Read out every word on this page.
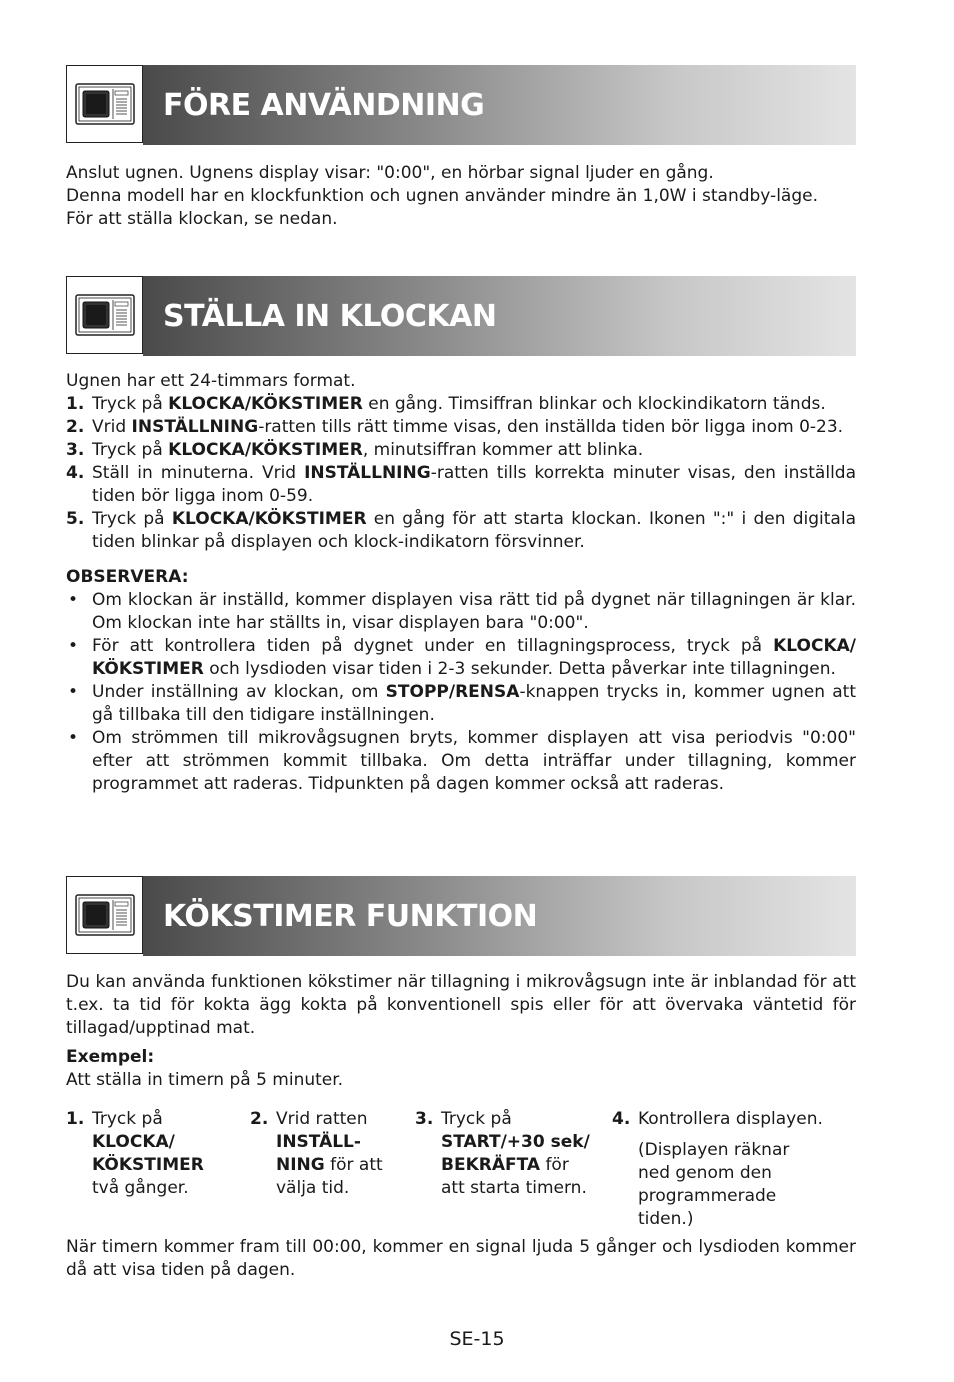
FÖRE ANVÄNDNING

Anslut ugnen. Ugnens display visar: "0:00", en hörbar signal ljuder en gång.

Denna modell har en klockfunktion och ugnen använder mindre än 1,0W i standby-läge.

För att ställa klockan, se nedan.

STÄLLA IN KLOCKAN

Ugnen har ett 24-timmars format.

1. Tryck på KLOCKA/KÖKSTIMER en gång. Timsiffran blinkar och klockindikatorn tänds.
2. Vrid INSTÄLLNING-ratten tills rätt timme visas, den inställda tiden bör ligga inom 0-23.
3. Tryck på KLOCKA/KÖKSTIMER, minutsiffran kommer att blinka.
4. Ställ in minuterna. Vrid INSTÄLLNING-ratten tills korrekta minuter visas, den inställda tiden bör ligga inom 0-59.
5. Tryck på KLOCKA/KÖKSTIMER en gång för att starta klockan. Ikonen ":" i den digitala tiden blinkar på displayen och klock-indikatorn försvinner.

OBSERVERA:

• Om klockan är inställd, kommer displayen visa rätt tid på dygnet när tillagningen är klar. Om klockan inte har ställts in, visar displayen bara "0:00".
• För att kontrollera tiden på dygnet under en tillagningsprocess, tryck på KLOCKA/ KÖKSTIMER och lysdioden visar tiden i 2-3 sekunder. Detta påverkar inte tillagningen.
• Under inställning av klockan, om STOPP/RENSA-knappen trycks in, kommer ugnen att gå tillbaka till den tidigare inställningen.
• Om strömmen till mikrovågsugnen bryts, kommer displayen att visa periodvis "0:00" efter att strömmen kommit tillbaka. Om detta inträffar under tillagning, kommer programmet att raderas. Tidpunkten på dagen kommer också att raderas.
KÖKSTIMER FUNKTION

Du kan använda funktionen kökstimer när tillagning i mikrovågsugn inte är inblandad för att t.ex. ta tid för kokta ägg kokta på konventionell spis eller för att övervaka väntetid för tillagad/upptinad mat.

Exempel:

Att ställa in timern på 5 minuter.

1. Tryck på
KLOCKA/ KÖKSTIMER
två gånger.
2. Vrid ratten
INSTÄLL-NING för att välja tid.
3. Tryck på
START/+30 sek/ BEKRÄFTA för att starta timern.
4. Kontrollera displayen.
(Displayen räknar ned genom den programmerade tiden.)
När timern kommer fram till 00:00, kommer en signal ljuda 5 gånger och lysdioden kommer då att visa tiden på dagen.
SE-15
